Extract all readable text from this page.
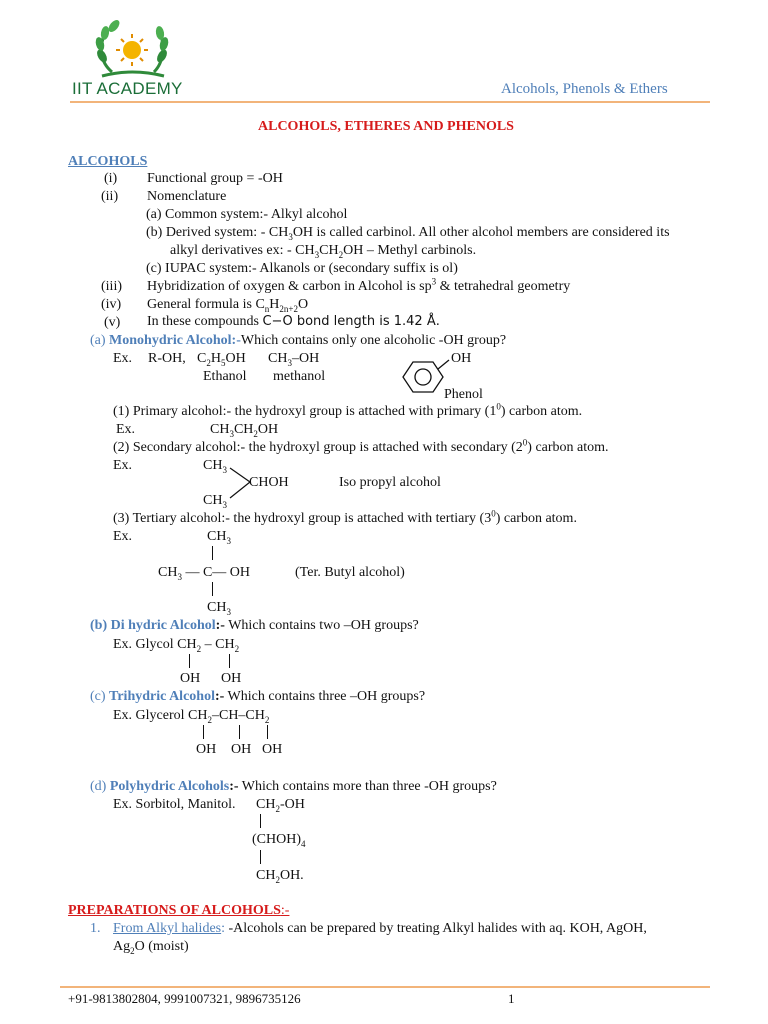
IIT ACADEMY	Alcohols, Phenols & Ethers
ALCOHOLS, ETHERES AND PHENOLS
ALCOHOLS
(i) Functional group = -OH
(ii) Nomenclature
(a) Common system:- Alkyl alcohol
(b) Derived system: - $CH_3OH$ is called carbinol. All other alcohol members are considered its
alkyl derivatives ex: - $CH_3CH_2OH$ – Methyl carbinols.
(c) IUPAC system:- Alkanols or (secondary suffix is ol)
(iii) Hybridization of oxygen & carbon in Alcohol is $sp^3$ & tetrahedral geometry
(iv) General formula is $C_nH_{2n+2}O$
(v) In these compounds C−O bond length is 1.42 Å.
(a) Monohydric Alcohol:-Which contains only one alcoholic -OH group?
Ex. R-OH, $C_2H_5OH$ $CH_3-OH$
Ethanol methanol
OH
Phenol
(1) Primary alcohol:- the hydroxyl group is attached with primary $(1^0)$ carbon atom.
Ex.	$CH_3CH_2OH$
(2) Secondary alcohol:- the hydroxyl group is attached with secondary $(2^0)$ carbon atom.
Ex.	$CH_3$
CHOH	Iso propyl alcohol
$CH_3$
(3) Tertiary alcohol:- the hydroxyl group is attached with tertiary $(3^0)$ carbon atom.
Ex.	$CH_3$
$CH_3$ — C— OH	(Ter. Butyl alcohol)
$CH_3$
(b) Di hydric Alcohol:- Which contains two –OH groups?
Ex. Glycol $CH_2 - CH_2$
OH OH
(c) Trihydric Alcohol:- Which contains three –OH groups?
Ex. Glycerol $CH_2-CH-CH_2$
OH OH OH
(d) Polyhydric Alcohols:- Which contains more than three -OH groups?
Ex. Sorbitol, Manitol. $CH_2-OH$
$(CHOH)_4$
$CH_2OH$.
PREPARATIONS OF ALCOHOLS:-
1. From Alkyl halides: -Alcohols can be prepared by treating Alkyl halides with aq. KOH, AgOH,
$Ag_2O$ (moist)
+91-9813802804, 9991007321, 9896735126	1
